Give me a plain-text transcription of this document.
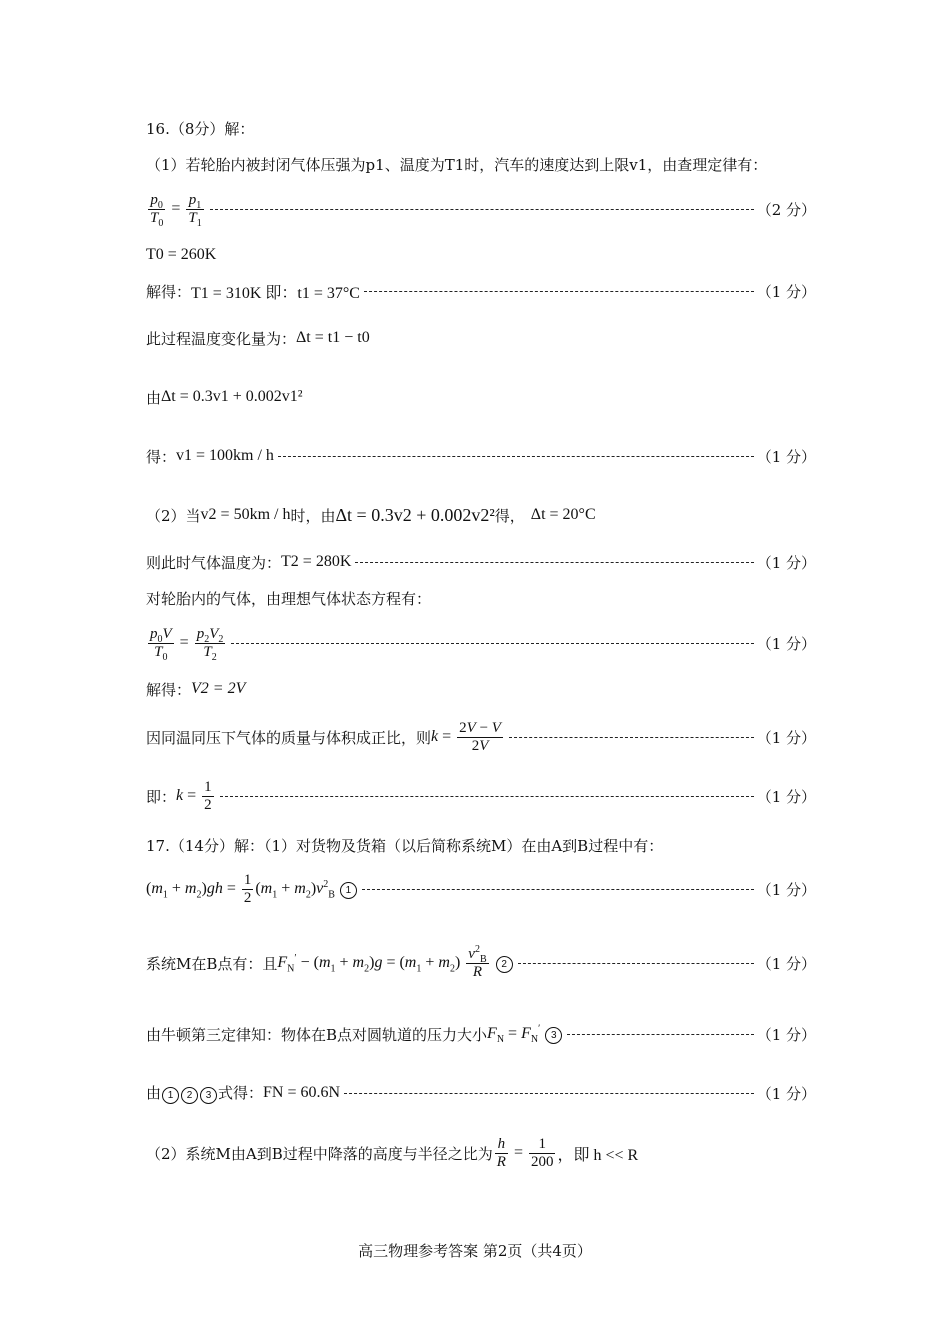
16.（8分）解：
（1）若轮胎内被封闭气体压强为p1、温度为T1时，汽车的速度达到上限v1，由查理定律有：
$\frac{p_0}{T_0} = \frac{p_1}{T_1}$	（2 分）
T0 = 260K
解得： T1 = 310K 即：t1 = 37°C	（1 分）
此过程温度变化量为： Δt = t1 − t0
由 Δt = 0.3v1 + 0.002v1²
得： v1 = 100km / h	（1 分）
（2）当 v2 = 50km / h 时，由 Δt = 0.3v2 + 0.002v2² 得， Δt = 20°C
则此时气体温度为： T2 = 280K	（1 分）
对轮胎内的气体，由理想气体状态方程有：
$\frac{p_0V}{T_0} = \frac{p_2V_2}{T_2}$	（1 分）
解得： V2 = 2V
因同温同压下气体的质量与体积成正比，则 $k = \frac{2V - V}{2V}$	（1 分）
即： $k = \frac{1}{2}$	（1 分）
17.（14分）解：（1）对货物及货箱（以后简称系统M）在由A到B过程中有：
$(m_1 + m_2)gh = \frac{1}{2} (m_1 + m_2)v^2_B$ 1	（1 分）
系统M在B点有：且 $F_N' - (m_1 + m_2)g = (m_1 + m_2) \frac{v^2_B}{R} 2$	（1 分）
由牛顿第三定律知：物体在B点对圆轨道的压力大小 $F_N = F_N'$ 3	（1 分）
由 1 2 3 式得： FN = 60.6N	（1 分）
（2）系统M由A到B过程中降落的高度与半径之比为 $\frac{h}{R} = \frac{1}{200}$ ，即 h << R
高三物理参考答案 第2页（共4页）
